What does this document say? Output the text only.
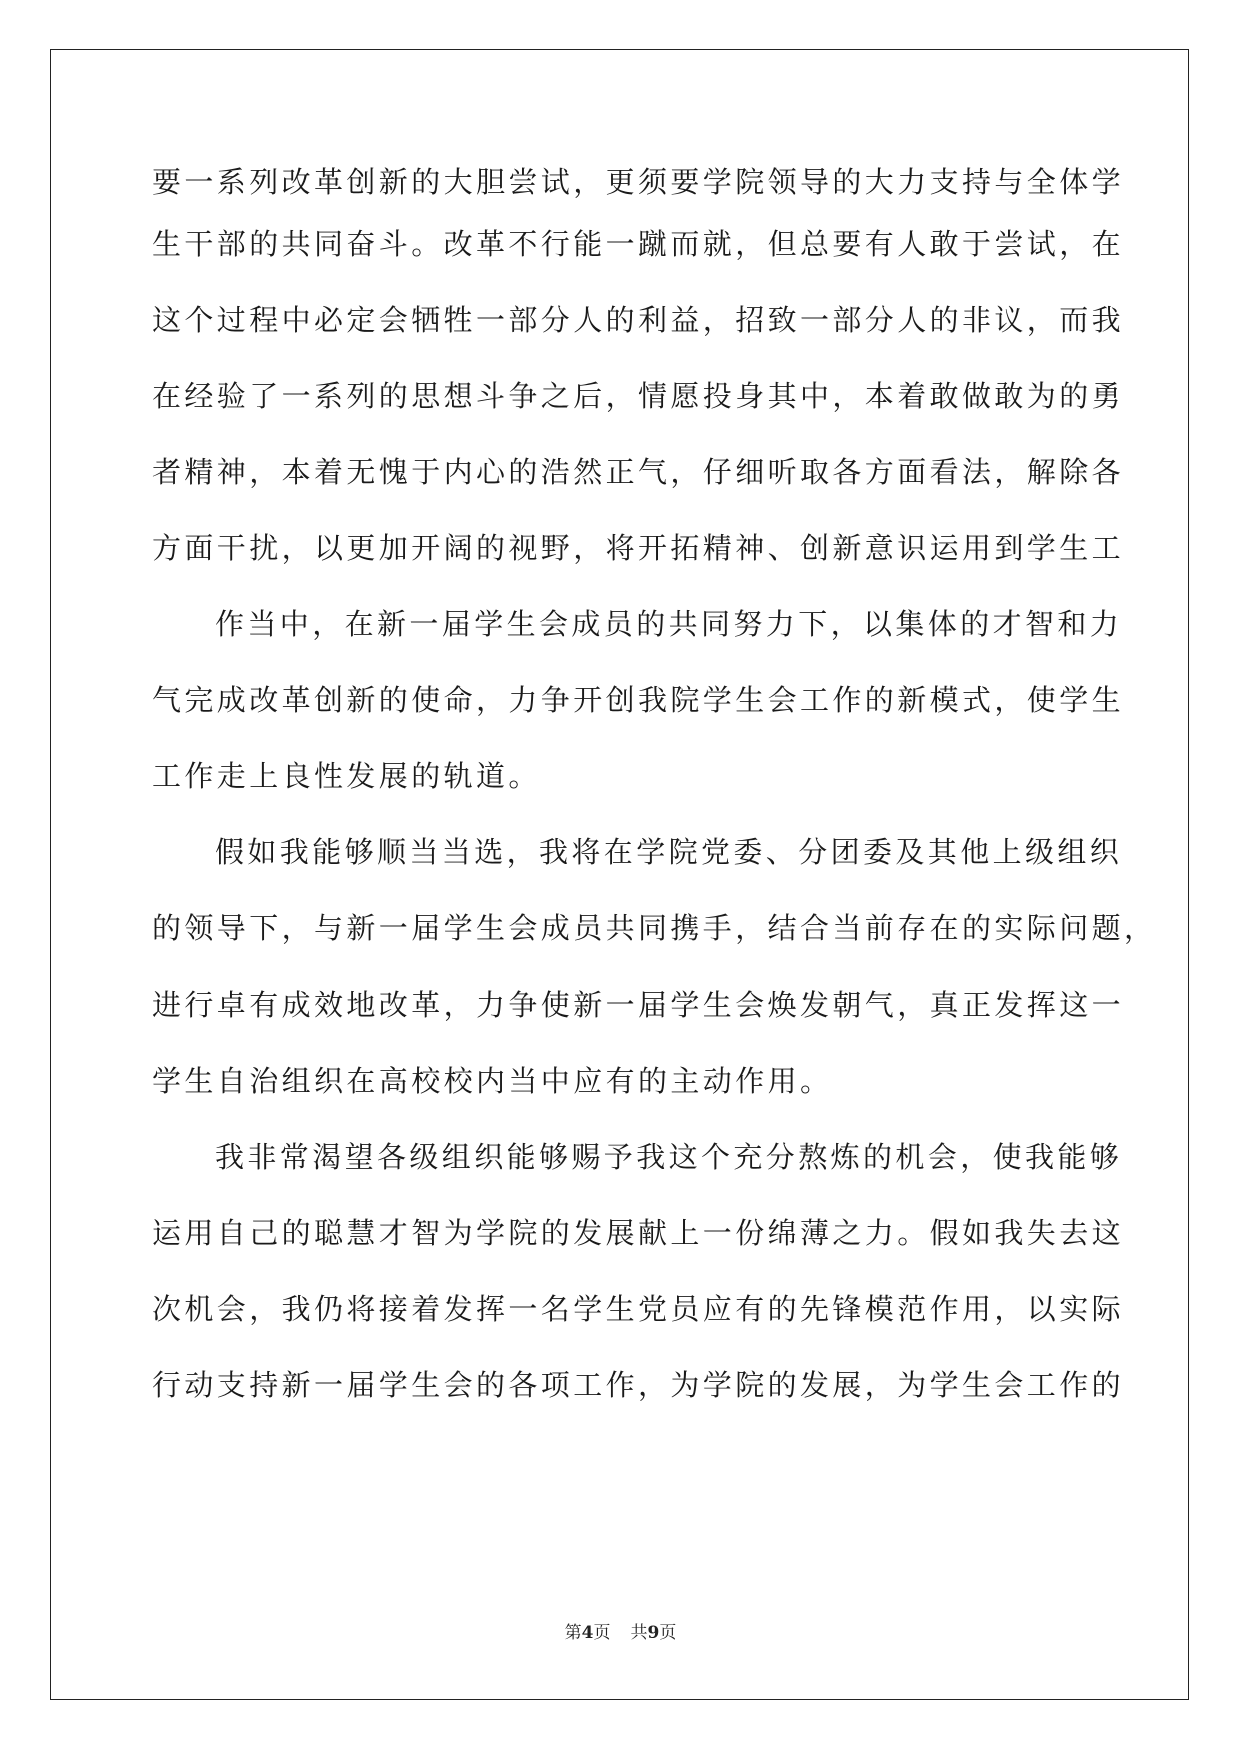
要一系列改革创新的大胆尝试，更须要学院领导的大力支持与全体学
生干部的共同奋斗。改革不行能一蹴而就，但总要有人敢于尝试，在
这个过程中必定会牺牲一部分人的利益，招致一部分人的非议，而我
在经验了一系列的思想斗争之后，情愿投身其中，本着敢做敢为的勇
者精神，本着无愧于内心的浩然正气，仔细听取各方面看法，解除各
方面干扰，以更加开阔的视野，将开拓精神、创新意识运用到学生工
作当中，在新一届学生会成员的共同努力下，以集体的才智和力
气完成改革创新的使命，力争开创我院学生会工作的新模式，使学生
工作走上良性发展的轨道。
假如我能够顺当当选，我将在学院党委、分团委及其他上级组织
的领导下，与新一届学生会成员共同携手，结合当前存在的实际问题，
进行卓有成效地改革，力争使新一届学生会焕发朝气，真正发挥这一
学生自治组织在高校校内当中应有的主动作用。
我非常渴望各级组织能够赐予我这个充分熬炼的机会，使我能够
运用自己的聪慧才智为学院的发展献上一份绵薄之力。假如我失去这
次机会，我仍将接着发挥一名学生党员应有的先锋模范作用，以实际
行动支持新一届学生会的各项工作，为学院的发展，为学生会工作的
第4页 共9页
